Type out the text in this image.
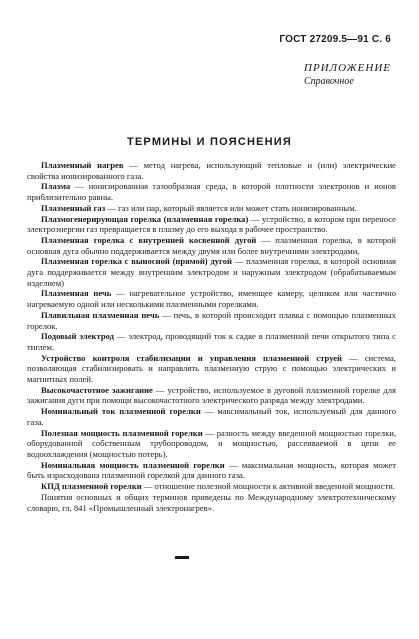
ГОСТ 27209.5—91 С. 6
ПРИЛОЖЕНИЕ
Справочное
ТЕРМИНЫ И ПОЯСНЕНИЯ

Плазменный нагрев — метод нагрева, использующий тепловые и (или) электрические свойства ионизированного газа.

Плазма — ионизированная газообразная среда, в которой плотности электронов и ионов приблизительно равны.

Плазменный газ — газ или пар, который является или может стать ионизированным.

Плазмогенерирующая горелка (плазменная горелка) — устройство, в котором при переносе электроэнергии газ превращается в плазму до его выхода в рабочее пространство.

Плазменная горелка с внутренней косвенной дугой — плазменная горелка, в которой основная дуга обычно поддерживается между двумя или более внутренними электродами,

Плазменная горелка с выносной (прямой) дугой — плазменная горелка, в которой основная дуга поддерживается между внутренним электродом и наружным электродом (обрабатываемым изделием)

Плазменная печь — нагревательное устройство, имеющее камеру, целиком или частично нагреваемую одной или несколькими плазменными горелками.

Плавильная плазменная печь — печь, в которой происходит плавка с помощью плазменных горелок.

Подовый электрод — электрод, проводящий ток к садке в плазменной печи открытого типа с тиглем.

Устройство контроля стабилизации и управления плазменной струей — система, позволяющая стабилизировать и направлять плазменную струю с помощью электрических и магнитных полей.

Высокочастотное зажигание — устройство, используемое в дуговой плазменной горелке для зажигания дуги при помощи высокочастотного электрического разряда между электродами.

Номинальный ток плазменной горелки — максимальный ток, используемый для данного газа.

Полезная мощность плазменной горелки — разность между введенной мощностью горелки, оборудованной собственным трубопроводом, и мощностью, рассеиваемой в цепи ее водоохлаждения (мощностью потерь).

Номинальная мощность плазменной горелки — максимальная мощность, которая может быть израсходована плазменной горелкой для данного газа.

КПД плазменной горелки — отношение полезной мощности к активной введенной мощности.

Понятия основных и общих терминов приведены по Международному электротехническому словарю, гл. 841 «Промышленный электронагрев».
